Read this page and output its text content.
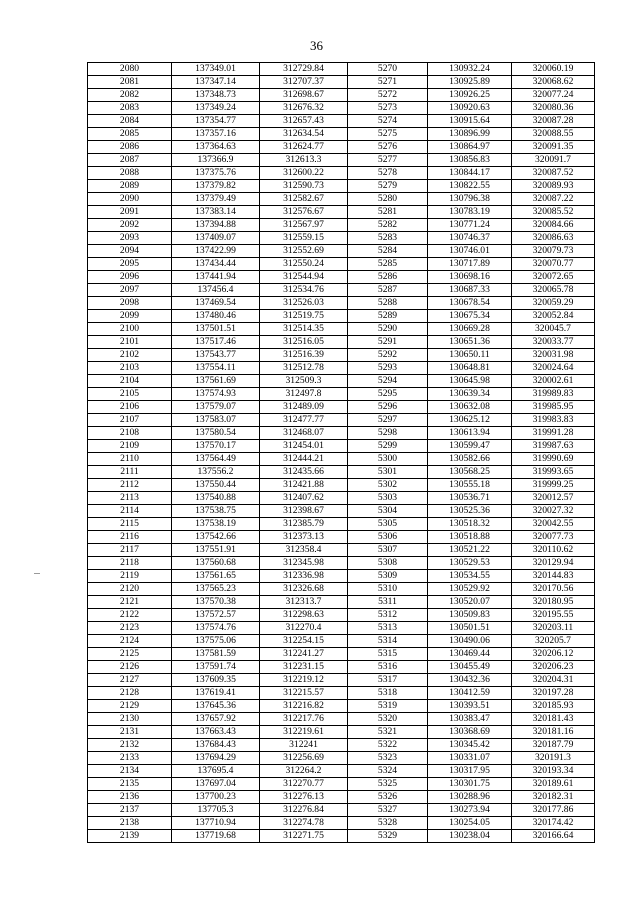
36
2080	137349.01	312729.84	5270	130932.24	320060.19
2081	137347.14	312707.37	5271	130925.89	320068.62
2082	137348.73	312698.67	5272	130926.25	320077.24
2083	137349.24	312676.32	5273	130920.63	320080.36
2084	137354.77	312657.43	5274	130915.64	320087.28
2085	137357.16	312634.54	5275	130896.99	320088.55
2086	137364.63	312624.77	5276	130864.97	320091.35
2087	137366.9	312613.3	5277	130856.83	320091.7
2088	137375.76	312600.22	5278	130844.17	320087.52
2089	137379.82	312590.73	5279	130822.55	320089.93
2090	137379.49	312582.67	5280	130796.38	320087.22
2091	137383.14	312576.67	5281	130783.19	320085.52
2092	137394.88	312567.97	5282	130771.24	320084.66
2093	137409.07	312559.15	5283	130746.37	320086.63
2094	137422.99	312552.69	5284	130746.01	320079.73
2095	137434.44	312550.24	5285	130717.89	320070.77
2096	137441.94	312544.94	5286	130698.16	320072.65
2097	137456.4	312534.76	5287	130687.33	320065.78
2098	137469.54	312526.03	5288	130678.54	320059.29
2099	137480.46	312519.75	5289	130675.34	320052.84
2100	137501.51	312514.35	5290	130669.28	320045.7
2101	137517.46	312516.05	5291	130651.36	320033.77
2102	137543.77	312516.39	5292	130650.11	320031.98
2103	137554.11	312512.78	5293	130648.81	320024.64
2104	137561.69	312509.3	5294	130645.98	320002.61
2105	137574.93	312497.8	5295	130639.34	319989.83
2106	137579.07	312489.09	5296	130632.08	319985.95
2107	137583.07	312477.77	5297	130625.12	319983.83
2108	137580.54	312468.07	5298	130613.94	319991.28
2109	137570.17	312454.01	5299	130599.47	319987.63
2110	137564.49	312444.21	5300	130582.66	319990.69
2111	137556.2	312435.66	5301	130568.25	319993.65
2112	137550.44	312421.88	5302	130555.18	319999.25
2113	137540.88	312407.62	5303	130536.71	320012.57
2114	137538.75	312398.67	5304	130525.36	320027.32
2115	137538.19	312385.79	5305	130518.32	320042.55
2116	137542.66	312373.13	5306	130518.88	320077.73
2117	137551.91	312358.4	5307	130521.22	320110.62
2118	137560.68	312345.98	5308	130529.53	320129.94
2119	137561.65	312336.98	5309	130534.55	320144.83
2120	137565.23	312326.68	5310	130529.92	320170.56
2121	137570.38	312313.7	5311	130520.07	320180.95
2122	137572.57	312298.63	5312	130509.83	320195.55
2123	137574.76	312270.4	5313	130501.51	320203.11
2124	137575.06	312254.15	5314	130490.06	320205.7
2125	137581.59	312241.27	5315	130469.44	320206.12
2126	137591.74	312231.15	5316	130455.49	320206.23
2127	137609.35	312219.12	5317	130432.36	320204.31
2128	137619.41	312215.57	5318	130412.59	320197.28
2129	137645.36	312216.82	5319	130393.51	320185.93
2130	137657.92	312217.76	5320	130383.47	320181.43
2131	137663.43	312219.61	5321	130368.69	320181.16
2132	137684.43	312241	5322	130345.42	320187.79
2133	137694.29	312256.69	5323	130331.07	320191.3
2134	137695.4	312264.2	5324	130317.95	320193.34
2135	137697.04	312270.77	5325	130301.75	320189.61
2136	137700.23	312276.13	5326	130288.96	320182.31
2137	137705.3	312276.84	5327	130273.94	320177.86
2138	137710.94	312274.78	5328	130254.05	320174.42
2139	137719.68	312271.75	5329	130238.04	320166.64
